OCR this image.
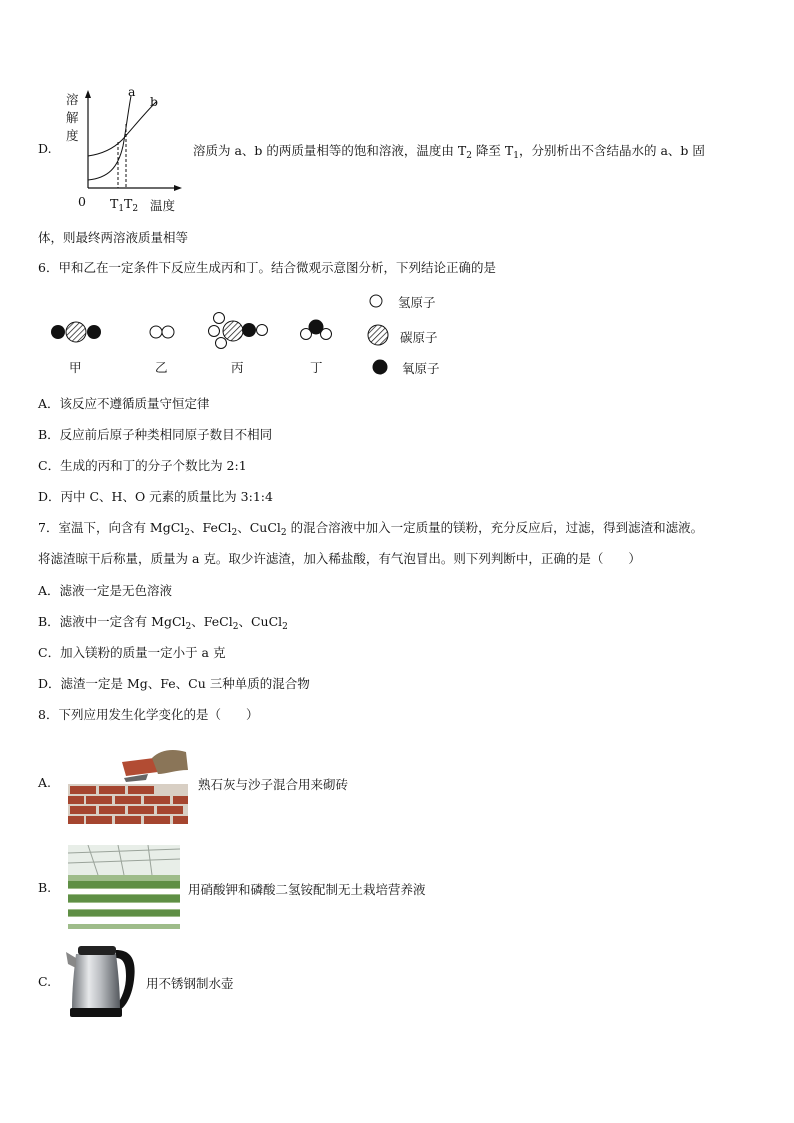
D.
溶
解
度
a
b
0 $T_1$ $T_2$ 温度
溶质为 a、b 的两质量相等的饱和溶液，温度由 $T_2$ 降至 $T_1$，分别析出不含结晶水的 a、b 固
体，则最终两溶液质量相等
6．甲和乙在一定条件下反应生成丙和丁。结合微观示意图分析，下列结论正确的是
氢原子
碳原子
氧原子
甲	乙	丙	丁
A．该反应不遵循质量守恒定律
B．反应前后原子种类相同原子数目不相同
C．生成的丙和丁的分子个数比为 2:1
D．丙中 C、H、O 元素的质量比为 3:1:4
7．室温下，向含有 MgCl$_2$、FeCl$_2$、CuCl$_2$ 的混合溶液中加入一定质量的镁粉，充分反应后，过滤，得到滤渣和滤液。
将滤渣晾干后称量，质量为 a 克。取少许滤渣，加入稀盐酸，有气泡冒出。则下列判断中，正确的是（　　）
A．滤液一定是无色溶液
B．滤液中一定含有 MgCl$_2$、FeCl$_2$、CuCl$_2$
C．加入镁粉的质量一定小于 a 克
D．滤渣一定是 Mg、Fe、Cu 三种单质的混合物
8．下列应用发生化学变化的是（　　）
A.	熟石灰与沙子混合用来砌砖
B.	用硝酸钾和磷酸二氢铵配制无土栽培营养液
C.	用不锈钢制水壶
